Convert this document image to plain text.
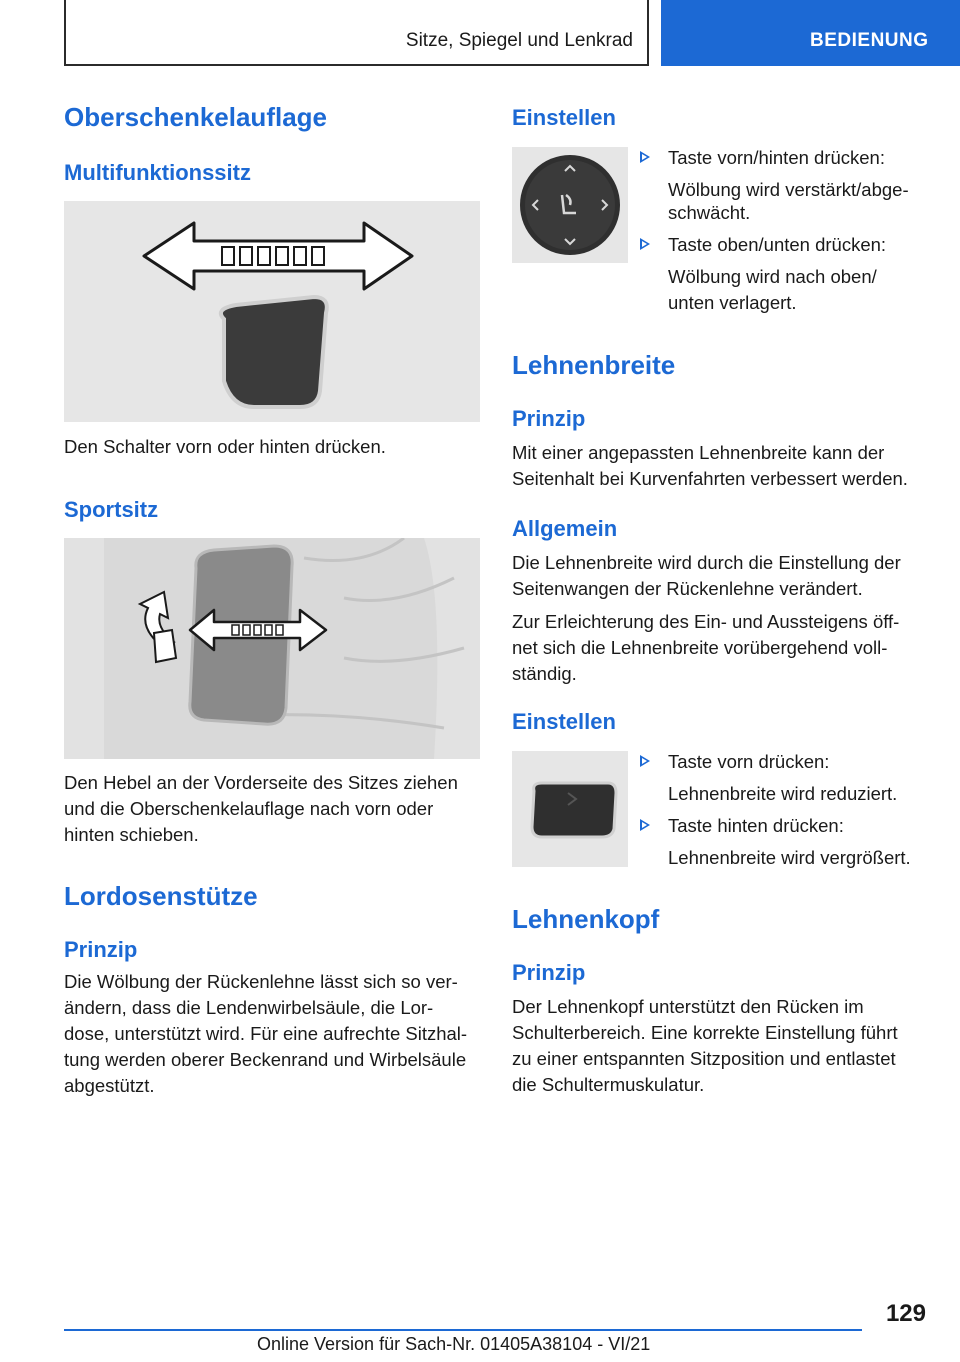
Sitze, Spiegel und Lenkrad	BEDIENUNG
Oberschenkelauflage
Multifunktionssitz
Den Schalter vorn oder hinten drücken.
Sportsitz
Den Hebel an der Vorderseite des Sitzes ziehen
und die Oberschenkelauflage nach vorn oder
hinten schieben.
Lordosenstütze
Prinzip
Die Wölbung der Rückenlehne lässt sich so ver-
ändern, dass die Lendenwirbelsäule, die Lor-
dose, unterstützt wird. Für eine aufrechte Sitzhal-
tung werden oberer Beckenrand und Wirbelsäule
abgestützt.
Einstellen
Taste vorn/hinten drücken:
Wölbung wird verstärkt/abge-
schwächt.
Taste oben/unten drücken:
Wölbung wird nach oben/
unten verlagert.
Lehnenbreite
Prinzip
Mit einer angepassten Lehnenbreite kann der
Seitenhalt bei Kurvenfahrten verbessert werden.
Allgemein
Die Lehnenbreite wird durch die Einstellung der
Seitenwangen der Rückenlehne verändert.
Zur Erleichterung des Ein- und Aussteigens öff-
net sich die Lehnenbreite vorübergehend voll-
ständig.
Einstellen
Taste vorn drücken:
Lehnenbreite wird reduziert.
Taste hinten drücken:
Lehnenbreite wird vergrößert.
Lehnenkopf
Prinzip
Der Lehnenkopf unterstützt den Rücken im
Schulterbereich. Eine korrekte Einstellung führt
zu einer entspannten Sitzposition und entlastet
die Schultermuskulatur.
129
Online Version für Sach-Nr. 01405A38104 - VI/21
